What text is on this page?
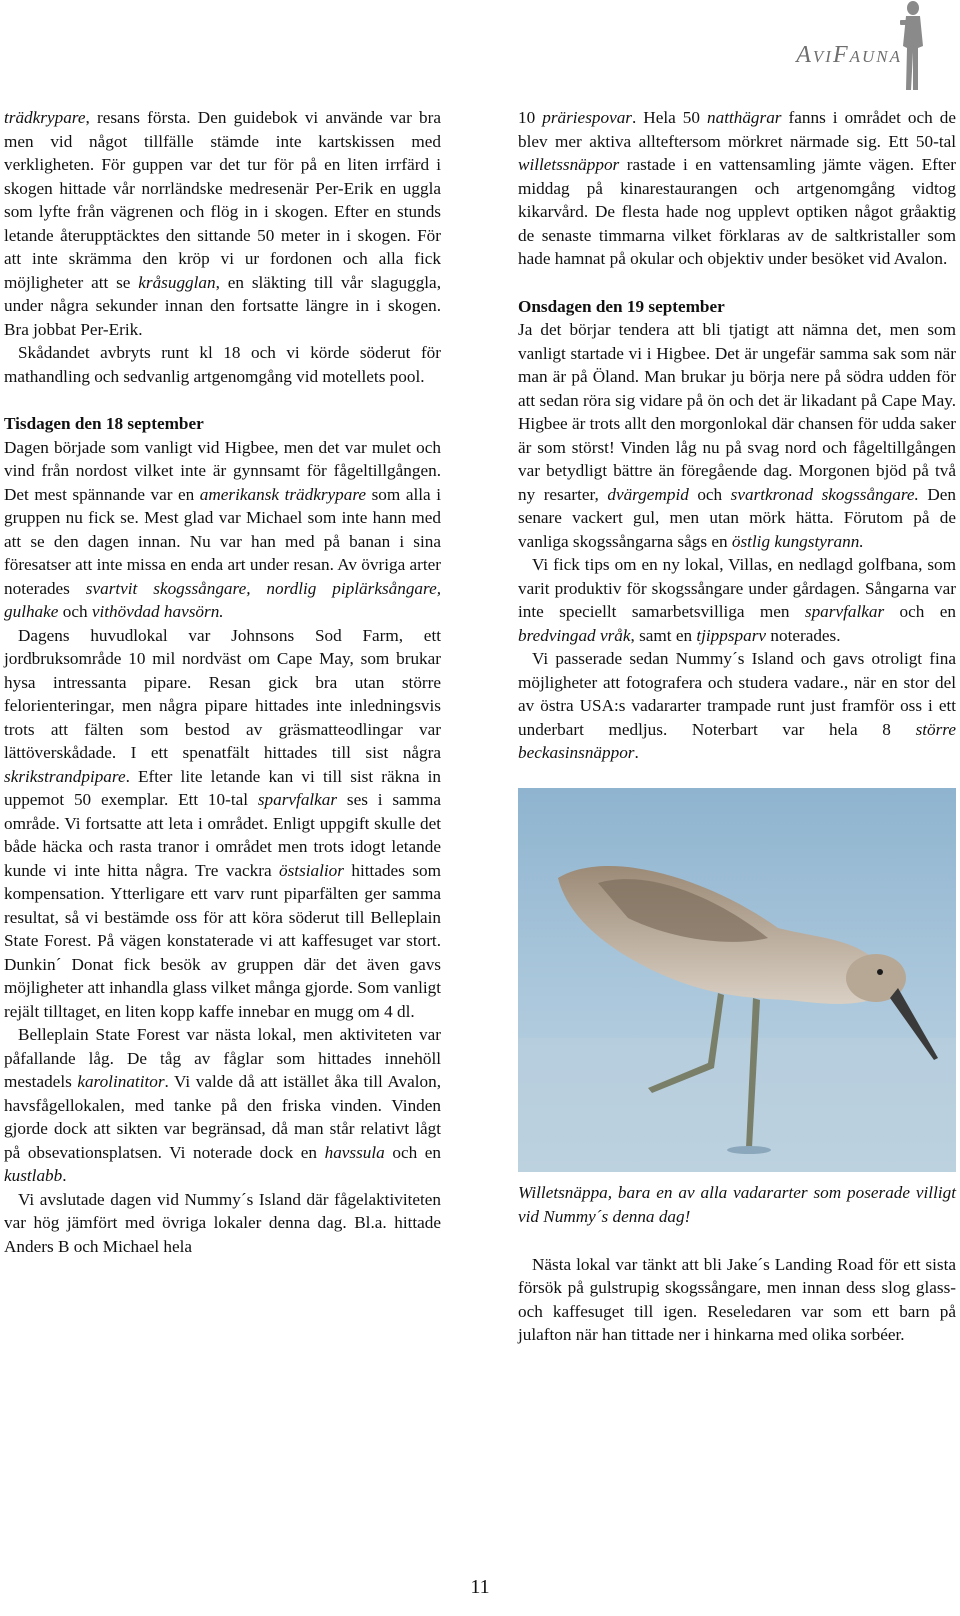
AviFauna

trädkrypare, resans första. Den guidebok vi använde var bra men vid något tillfälle stämde inte kartskissen med verkligheten. För guppen var det tur för på en liten irrfärd i skogen hittade vår norrländske medresenär Per-Erik en uggla som lyfte från vägrenen och flög in i skogen. Efter en stunds letande återupptäcktes den sittande 50 meter in i skogen. För att inte skrämma den kröp vi ur fordonen och alla fick möjligheter att se kråsugglan, en släkting till vår slaguggla, under några sekunder innan den fortsatte längre in i skogen. Bra jobbat Per-Erik.

Skådandet avbryts runt kl 18 och vi körde söderut för mathandling och sedvanlig artgenomgång vid motellets pool.

Tisdagen den 18 september

Dagen började som vanligt vid Higbee, men det var mulet och vind från nordost vilket inte är gynnsamt för fågeltillgången. Det mest spännande var en amerikansk trädkrypare som alla i gruppen nu fick se. Mest glad var Michael som inte hann med att se den dagen innan. Nu var han med på banan i sina föresatser att inte missa en enda art under resan. Av övriga arter noterades svartvit skogssångare, nordlig piplärksångare, gulhake och vithövdad havsörn.

Dagens huvudlokal var Johnsons Sod Farm, ett jordbruksområde 10 mil nordväst om Cape May, som brukar hysa intressanta pipare. Resan gick bra utan större felorienteringar, men några pipare hittades inte inledningsvis trots att fälten som bestod av gräsmatteodlingar var lättöverskådade. I ett spenatfält hittades till sist några skrikstrandpipare. Efter lite letande kan vi till sist räkna in uppemot 50 exemplar. Ett 10-tal sparvfalkar ses i samma område. Vi fortsatte att leta i området. Enligt uppgift skulle det både häcka och rasta tranor i området men trots idogt letande kunde vi inte hitta några. Tre vackra östsialior hittades som kompensation. Ytterligare ett varv runt piparfälten ger samma resultat, så vi bestämde oss för att köra söderut till Belleplain State Forest. På vägen konstaterade vi att kaffesuget var stort. Dunkin´ Donat fick besök av gruppen där det även gavs möjligheter att inhandla glass vilket många gjorde. Som vanligt rejält tilltaget, en liten kopp kaffe innebar en mugg om 4 dl.

Belleplain State Forest var nästa lokal, men aktiviteten var påfallande låg. De tåg av fåglar som hittades innehöll mestadels karolinatitor. Vi valde då att istället åka till Avalon, havsfågellokalen, med tanke på den friska vinden. Vinden gjorde dock att sikten var begränsad, då man står relativt lågt på obsevationsplatsen. Vi noterade dock en havssula och en kustlabb.

Vi avslutade dagen vid Nummy´s Island där fågelaktiviteten var hög jämfört med övriga lokaler denna dag. Bl.a. hittade Anders B och Michael hela

10 präriespovar. Hela 50 natthägrar fanns i området och de blev mer aktiva allteftersom mörkret närmade sig. Ett 50-tal willetssnäppor rastade i en vattensamling jämte vägen. Efter middag på kinarestaurangen och artgenomgång vidtog kikarvård. De flesta hade nog upplevt optiken något gråaktig de senaste timmarna vilket förklaras av de saltkristaller som hade hamnat på okular och objektiv under besöket vid Avalon.

Onsdagen den 19 september

Ja det börjar tendera att bli tjatigt att nämna det, men som vanligt startade vi i Higbee. Det är ungefär samma sak som när man är på Öland. Man brukar ju börja nere på södra udden för att sedan röra sig vidare på ön och det är likadant på Cape May. Higbee är trots allt den morgonlokal där chansen för udda saker är som störst! Vinden låg nu på svag nord och fågeltillgången var betydligt bättre än föregående dag. Morgonen bjöd på två ny resarter, dvärgempid och svartkronad skogssångare. Den senare vackert gul, men utan mörk hätta. Förutom på de vanliga skogssångarna sågs en östlig kungstyrann.

Vi fick tips om en ny lokal, Villas, en nedlagd golfbana, som varit produktiv för skogssångare under gårdagen. Sångarna var inte speciellt samarbetsvilliga men sparvfalkar och en bredvingad vråk, samt en tjippsparv noterades.

Vi passerade sedan Nummy´s Island och gavs otroligt fina möjligheter att fotografera och studera vadare., när en stor del av östra USA:s vadararter trampade runt just framför oss i ett underbart medljus. Noterbart var hela 8 större beckasinsnäppor.

Willetsnäppa, bara en av alla vadararter som poserade villigt vid Nummy´s denna dag!

Nästa lokal var tänkt att bli Jake´s Landing Road för ett sista försök på gulstrupig skogssångare, men innan dess slog glass- och kaffesuget till igen. Reseledaren var som ett barn på julafton när han tittade ner i hinkarna med olika sorbéer.

11
